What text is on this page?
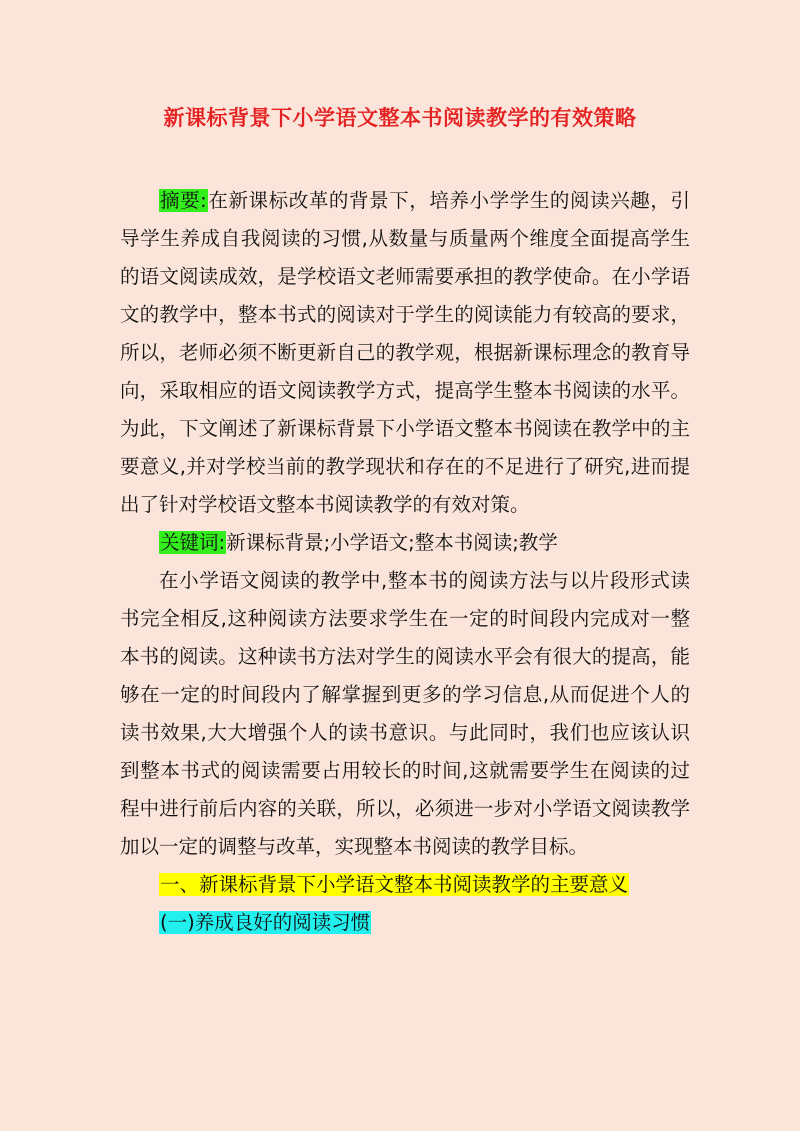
新课标背景下小学语文整本书阅读教学的有效策略

摘要:在新课标改革的背景下，培养小学学生的阅读兴趣，引导学生养成自我阅读的习惯,从数量与质量两个维度全面提高学生的语文阅读成效，是学校语文老师需要承担的教学使命。在小学语文的教学中，整本书式的阅读对于学生的阅读能力有较高的要求，所以，老师必须不断更新自己的教学观，根据新课标理念的教育导向，采取相应的语文阅读教学方式，提高学生整本书阅读的水平。为此，下文阐述了新课标背景下小学语文整本书阅读在教学中的主要意义,并对学校当前的教学现状和存在的不足进行了研究,进而提出了针对学校语文整本书阅读教学的有效对策。

关键词:新课标背景;小学语文;整本书阅读;教学

在小学语文阅读的教学中,整本书的阅读方法与以片段形式读书完全相反,这种阅读方法要求学生在一定的时间段内完成对一整本书的阅读。这种读书方法对学生的阅读水平会有很大的提高，能够在一定的时间段内了解掌握到更多的学习信息,从而促进个人的读书效果,大大增强个人的读书意识。与此同时，我们也应该认识到整本书式的阅读需要占用较长的时间,这就需要学生在阅读的过程中进行前后内容的关联，所以，必须进一步对小学语文阅读教学加以一定的调整与改革，实现整本书阅读的教学目标。

一、新课标背景下小学语文整本书阅读教学的主要意义

(一)养成良好的阅读习惯
